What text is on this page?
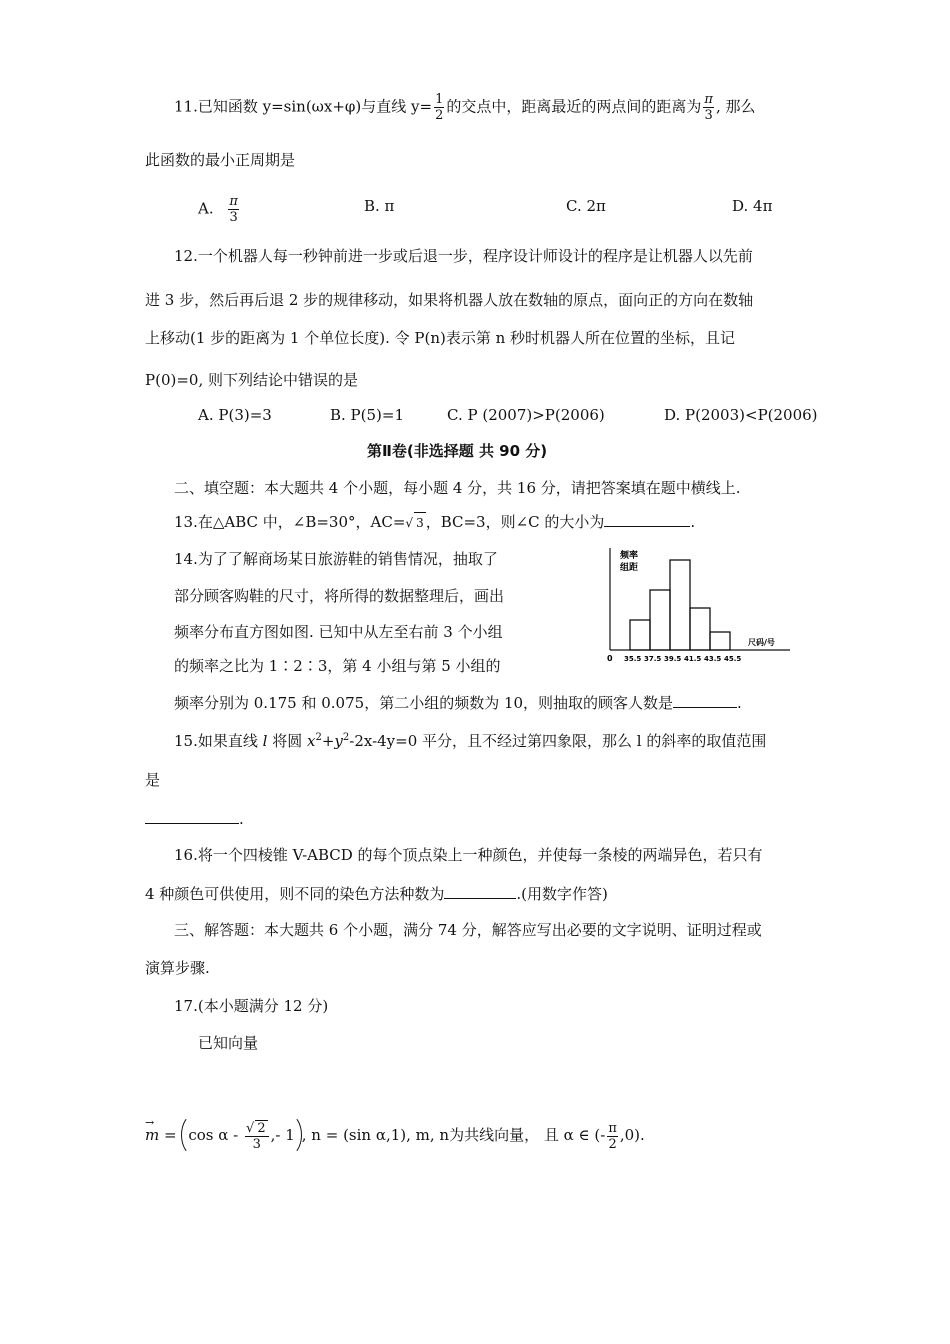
11.已知函数 y=sin(ωx+φ)与直线 $y= \frac{1}{2}$ 的交点中，距离最近的两点间的距离为 $\frac{\pi}{3}$ , 那么
此函数的最小正周期是
A. $\frac{\pi}{3}$	B. π	C. 2π	D. 4π
12.一个机器人每一秒钟前进一步或后退一步，程序设计师设计的程序是让机器人以先前
进 3 步，然后再后退 2 步的规律移动，如果将机器人放在数轴的原点，面向正的方向在数轴
上移动(1 步的距离为 1 个单位长度). 令 P(n)表示第 n 秒时机器人所在位置的坐标，且记
P(0)=0, 则下列结论中错误的是
A. P(3)=3	B. P(5)=1	C. P (2007)>P(2006)	D. P(2003)<P(2006)
第Ⅱ卷(非选择题 共 90 分)
二、填空题：本大题共 4 个小题，每小题 4 分，共 16 分，请把答案填在题中横线上.
13.在△ABC 中，∠B=30°，AC=√ 3 ，BC=3，则∠C 的大小为	.
14.为了了解商场某日旅游鞋的销售情况，抽取了
部分顾客购鞋的尺寸，将所得的数据整理后，画出
频率分布直方图如图. 已知中从左至右前 3 个小组
的频率之比为 1∶2∶3，第 4 小组与第 5 小组的
频率分别为 0.175 和 0.075，第二小组的频数为 10，则抽取的顾客人数是	.
频率
组距
尺码/号
0 35.5 37.5 39.5 41.5 43.5 45.5
15.如果直线 l 将圆 $x^2+y^2-2x-4y=0$ 平分，且不经过第四象限，那么 l 的斜率的取值范围
是
.
16.将一个四棱锥 V-ABCD 的每个顶点染上一种颜色，并使每一条棱的两端异色，若只有
4 种颜色可供使用，则不同的染色方法种数为	.(用数字作答)
三、解答题：本大题共 6 个小题，满分 74 分，解答应写出必要的文字说明、证明过程或
演算步骤.
17.(本小题满分 12 分)
已知向量
→
$m = \cos \alpha - \frac{√ 2}{3}$ ,- 1 , n = (sin α,1), m, n为共线向量， 且 α ∈ (- $\frac{\pi}{2} ,0$).
